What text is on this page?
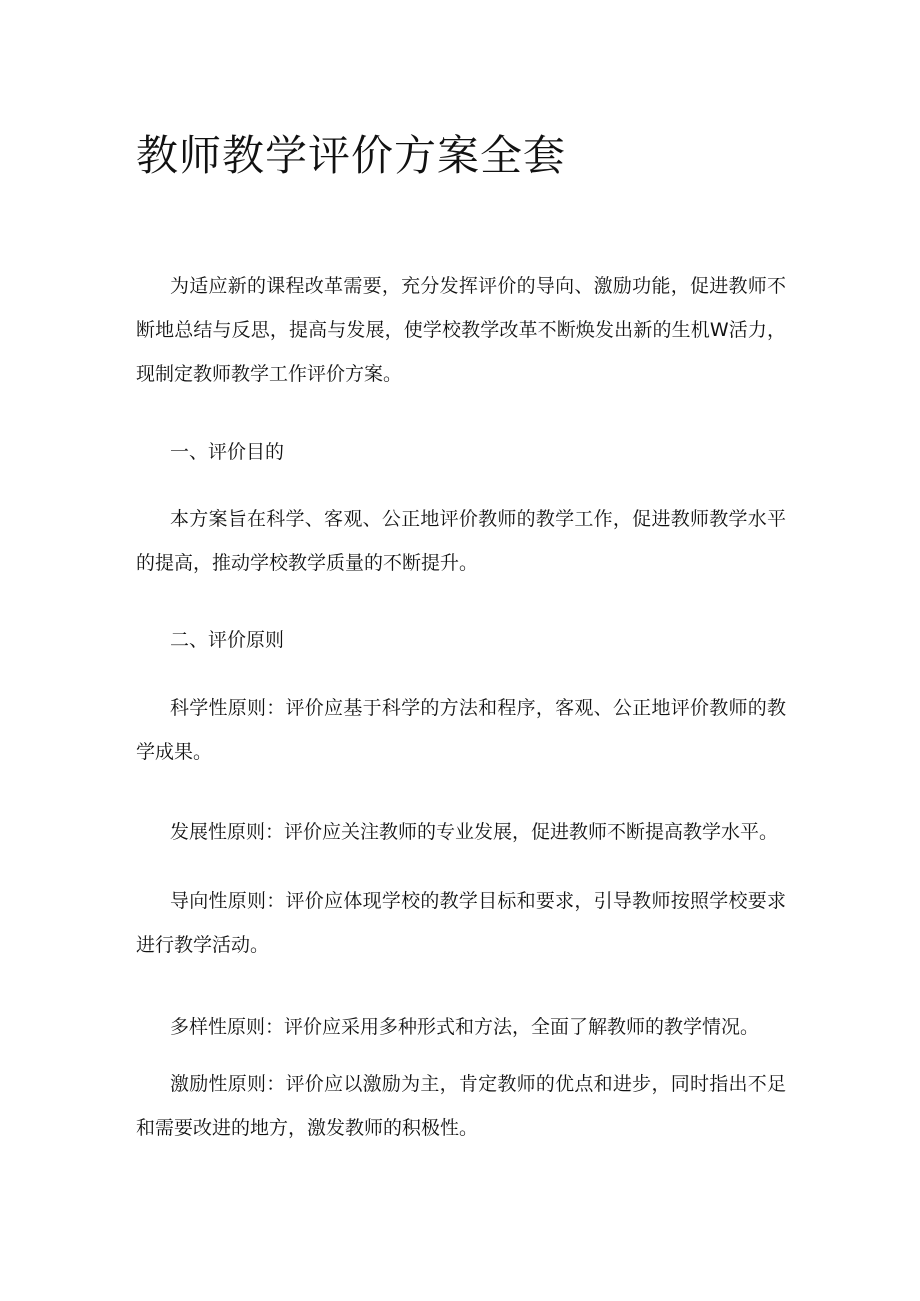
教师教学评价方案全套

为适应新的课程改革需要，充分发挥评价的导向、激励功能，促进教师不断地总结与反思，提高与发展，使学校教学改革不断焕发出新的生机W活力，现制定教师教学工作评价方案。

一、评价目的

本方案旨在科学、客观、公正地评价教师的教学工作，促进教师教学水平的提高，推动学校教学质量的不断提升。

二、评价原则

科学性原则：评价应基于科学的方法和程序，客观、公正地评价教师的教学成果。

发展性原则：评价应关注教师的专业发展，促进教师不断提高教学水平。

导向性原则：评价应体现学校的教学目标和要求，引导教师按照学校要求进行教学活动。

多样性原则：评价应采用多种形式和方法，全面了解教师的教学情况。

激励性原则：评价应以激励为主，肯定教师的优点和进步，同时指出不足和需要改进的地方，激发教师的积极性。
